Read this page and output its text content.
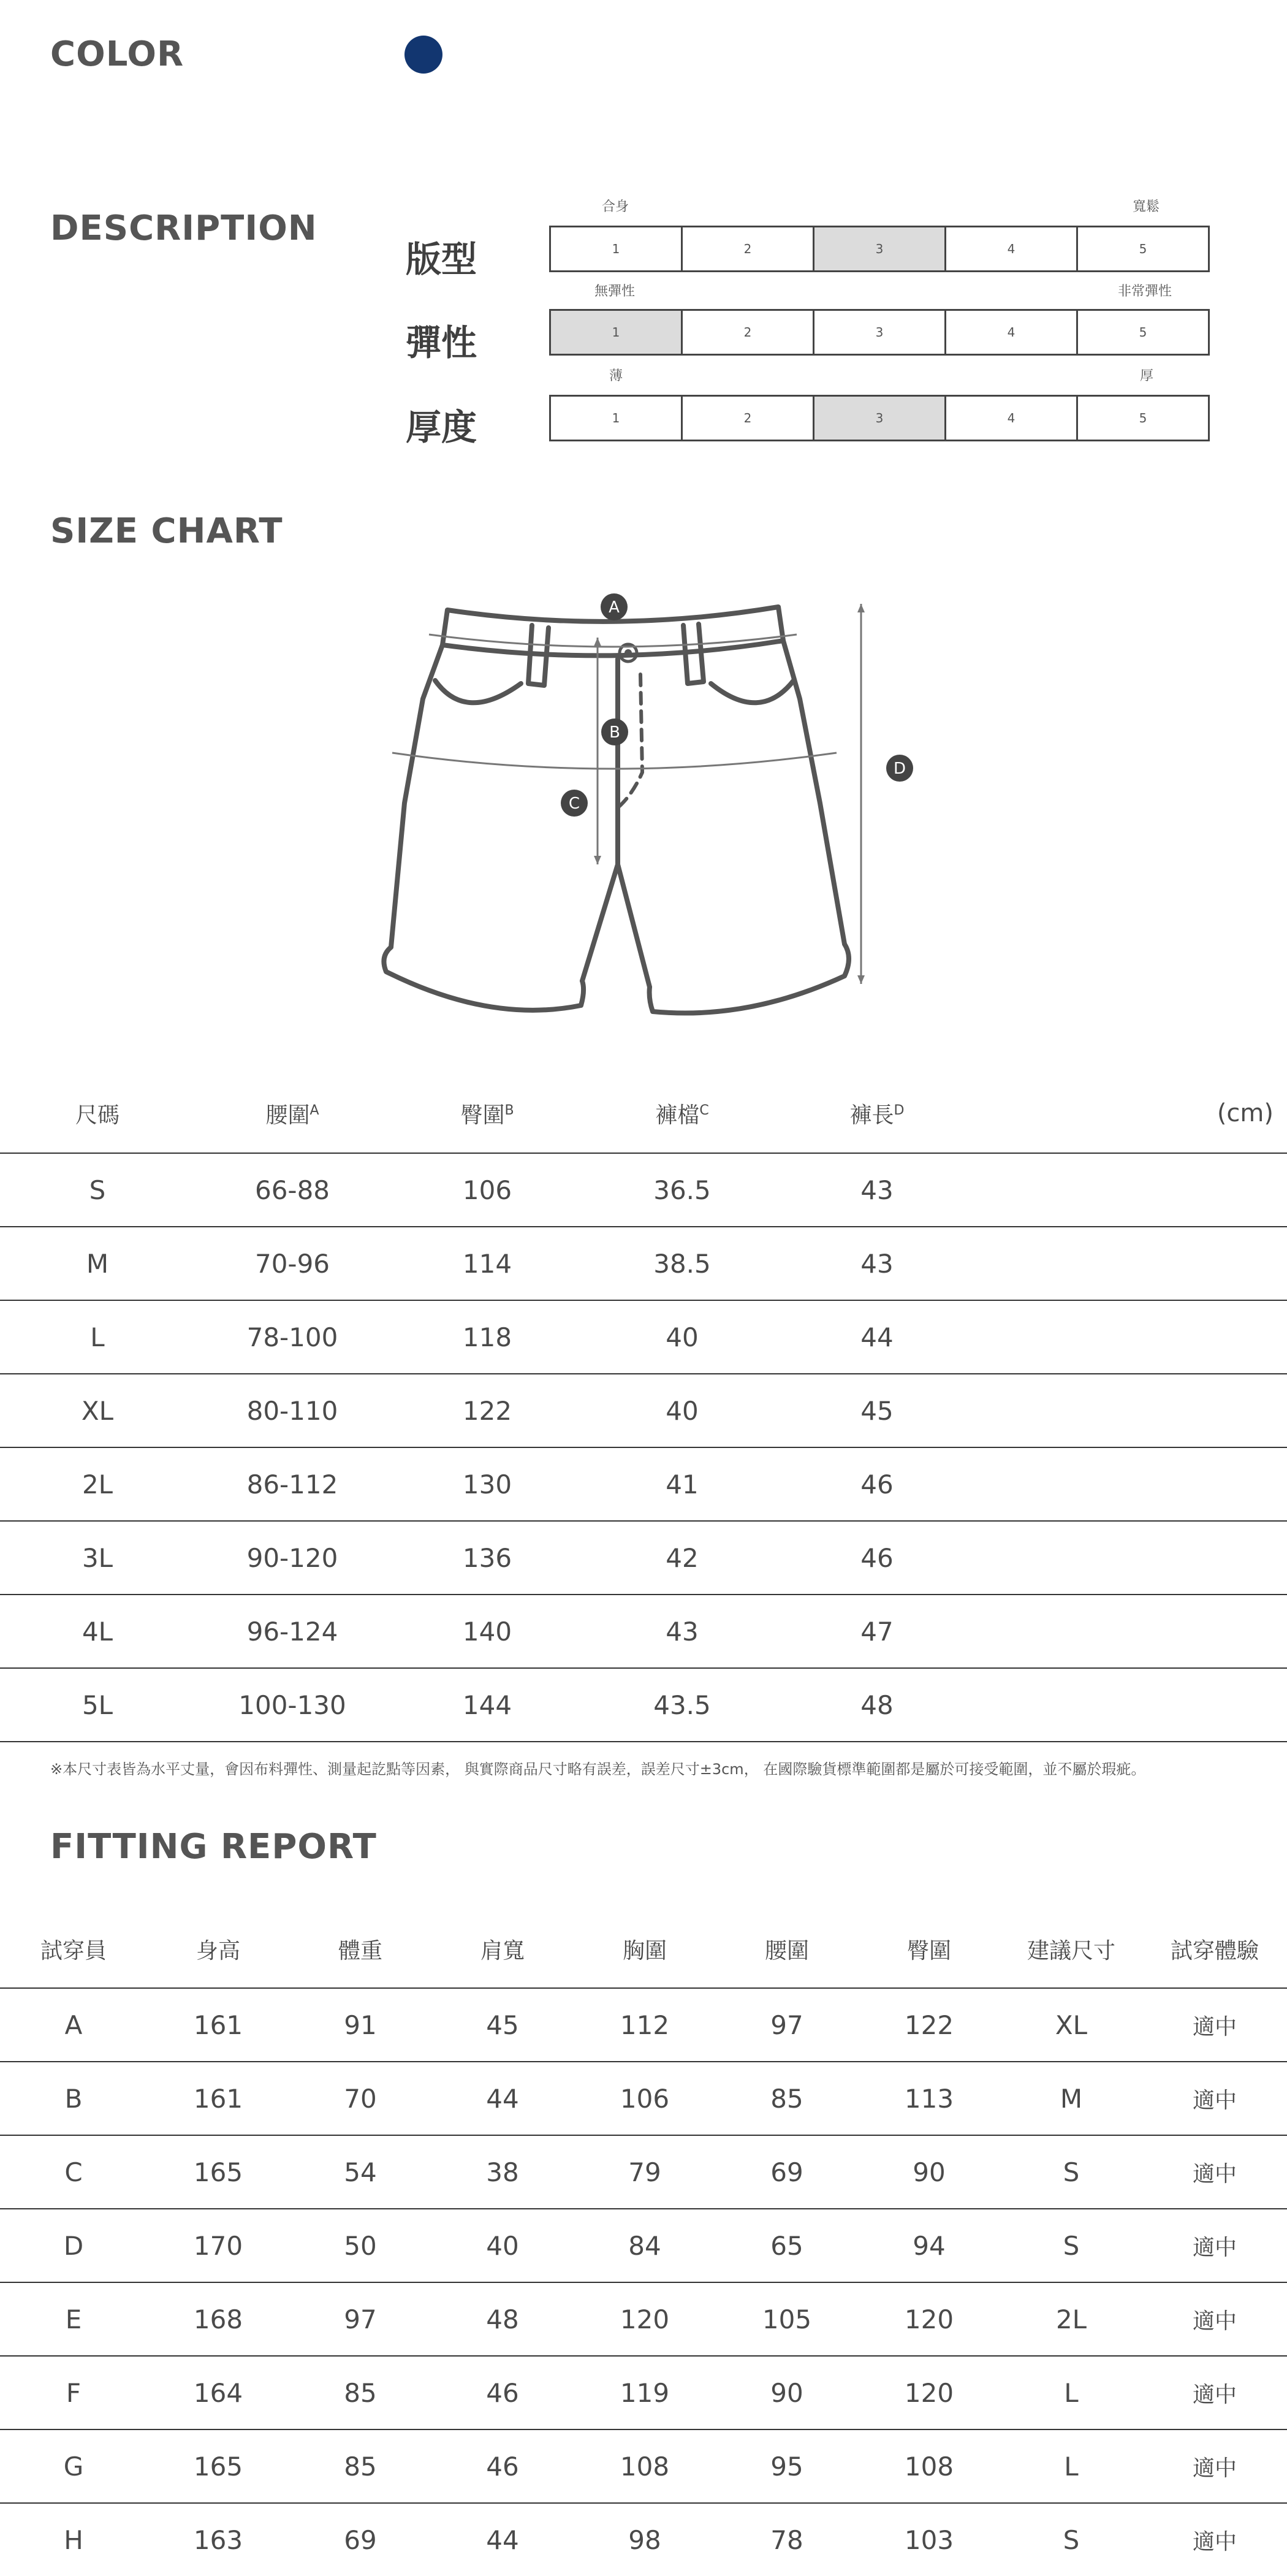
COLOR
DESCRIPTION
版型
合身	寬鬆
1	2	3	4	5
彈性
無彈性	非常彈性
1	2	3	4	5
厚度
薄	厚
1	2	3	4	5
SIZE CHART
A
B
C
D
尺碼	腰圍$^A$	臀圍$^B$	褲檔$^C$	褲長$^D$	(cm)
S	66-88	106	36.5	43	
M	70-96	114	38.5	43	
L	78-100	118	40	44	
XL	80-110	122	40	45	
2L	86-112	130	41	46	
3L	90-120	136	42	46	
4L	96-124	140	43	47	
5L	100-130	144	43.5	48	
※本尺寸表皆為水平丈量，會因布料彈性、測量起訖點等因素， 與實際商品尺寸略有誤差，誤差尺寸±3cm， 在國際驗貨標準範圍都是屬於可接受範圍，並不屬於瑕疵。
FITTING REPORT
試穿員	身高	體重	肩寬	胸圍	腰圍	臀圍	建議尺寸	試穿體驗
A	161	91	45	112	97	122	XL	適中
B	161	70	44	106	85	113	M	適中
C	165	54	38	79	69	90	S	適中
D	170	50	40	84	65	94	S	適中
E	168	97	48	120	105	120	2L	適中
F	164	85	46	119	90	120	L	適中
G	165	85	46	108	95	108	L	適中
H	163	69	44	98	78	103	S	適中
